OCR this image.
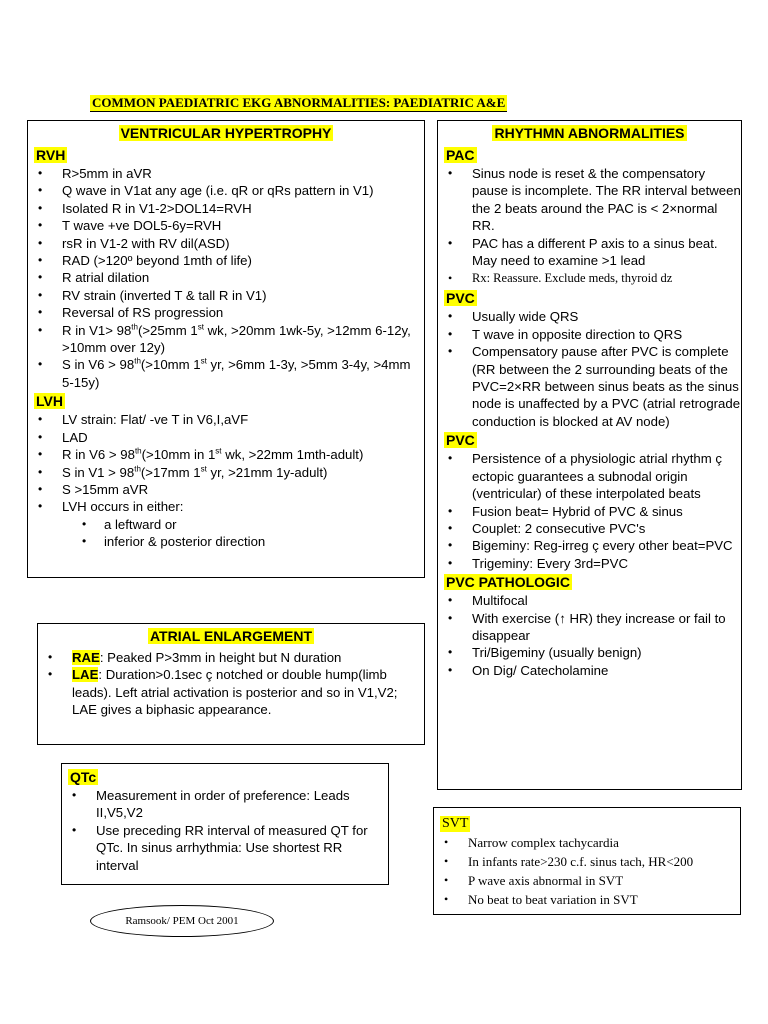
COMMON PAEDIATRIC EKG ABNORMALITIES: PAEDIATRIC A&E
VENTRICULAR HYPERTROPHY
RVH
• R>5mm in aVR
• Q wave in V1at any age (i.e. qR or qRs pattern in V1)
• Isolated R in V1-2>DOL14=RVH
• T wave +ve DOL5-6y=RVH
• rsR in V1-2 with RV dil(ASD)
• RAD (>120º beyond 1mth of life)
• R atrial dilation
• RV strain (inverted T & tall R in V1)
• Reversal of RS progression
• R in V1> 98th(>25mm 1st wk, >20mm 1wk-5y, >12mm 6-12y, >10mm over 12y)
• S in V6 > 98th(>10mm 1st yr, >6mm 1-3y, >5mm 3-4y, >4mm 5-15y)
LVH
• LV strain: Flat/ -ve T in V6,I,aVF
• LAD
• R in V6 > 98th(>10mm in 1st wk, >22mm 1mth-adult)
• S in V1 > 98th(>17mm 1st yr, >21mm 1y-adult)
• S >15mm aVR
• LVH occurs in either:
• a leftward or
• inferior & posterior direction
ATRIAL ENLARGEMENT
• RAE: Peaked P>3mm in height but N duration
• LAE: Duration>0.1sec ç notched or double hump(limb leads). Left atrial activation is posterior and so in V1,V2; LAE gives a biphasic appearance.
QTc
• Measurement in order of preference: Leads II,V5,V2
• Use preceding RR interval of measured QT for QTc. In sinus arrhythmia: Use shortest RR interval
Ramsook/ PEM Oct 2001
RHYTHMN ABNORMALITIES
PAC
• Sinus node is reset & the compensatory pause is incomplete. The RR interval between the 2 beats around the PAC is < 2×normal RR.
• PAC has a different P axis to a sinus beat. May need to examine >1 lead
• Rx: Reassure. Exclude meds, thyroid dz
PVC
• Usually wide QRS
• T wave in opposite direction to QRS
• Compensatory pause after PVC is complete (RR between the 2 surrounding beats of the PVC=2×RR between sinus beats as the sinus node is unaffected by a PVC (atrial retrograde conduction is blocked at AV node)
PVC
• Persistence of a physiologic atrial rhythm ç ectopic guarantees a subnodal origin (ventricular) of these interpolated beats
• Fusion beat= Hybrid of PVC & sinus
• Couplet: 2 consecutive PVC's
• Bigeminy: Reg-irreg ç every other beat=PVC
• Trigeminy: Every 3rd=PVC
PVC PATHOLOGIC
• Multifocal
• With exercise (↑ HR) they increase or fail to disappear
• Tri/Bigeminy (usually benign)
• On Dig/ Catecholamine
SVT
• Narrow complex tachycardia
• In infants rate>230 c.f. sinus tach, HR<200
• P wave axis abnormal in SVT
• No beat to beat variation in SVT
